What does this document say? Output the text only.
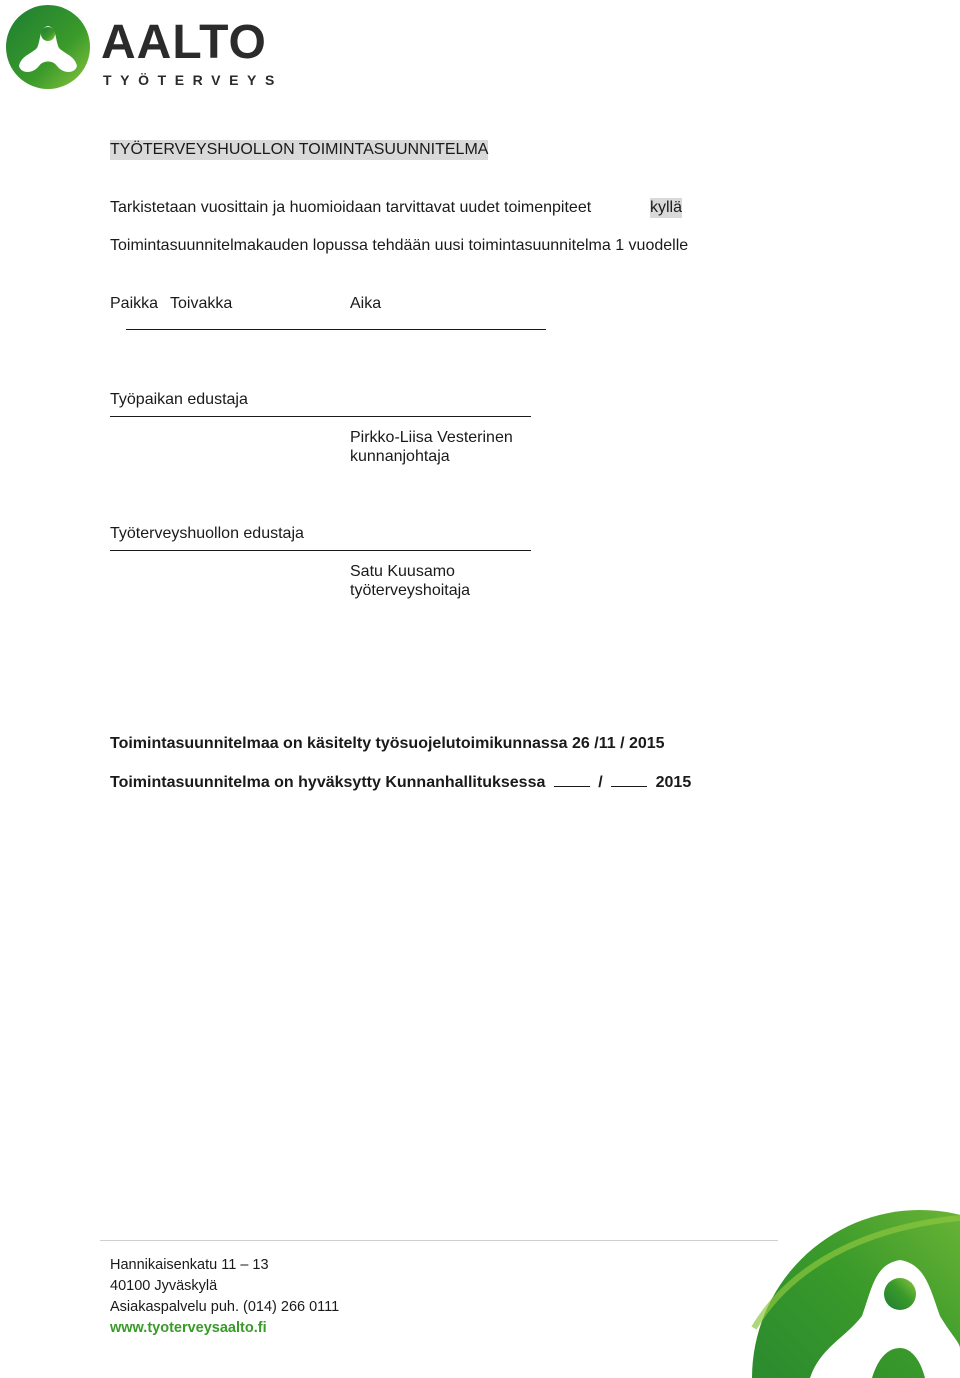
AALTO
TYÖTERVEYS
TYÖTERVEYSHUOLLON TOIMINTASUUNNITELMA
Tarkistetaan vuosittain ja huomioidaan tarvittavat uudet toimenpiteet	kyllä
Toimintasuunnitelmakauden lopussa tehdään uusi toimintasuunnitelma 1 vuodelle
Paikka Toivakka	Aika
Työpaikan edustaja
Pirkko-Liisa Vesterinen
kunnanjohtaja
Työterveyshuollon edustaja
Satu Kuusamo
työterveyshoitaja
Toimintasuunnitelmaa on käsitelty työsuojelutoimikunnassa 26 /11 / 2015
Toimintasuunnitelma on hyväksytty Kunnanhallituksessa	/	2015
Hannikaisenkatu 11 – 13
40100 Jyväskylä
Asiakaspalvelu puh. (014) 266 0111
www.tyoterveysaalto.fi
